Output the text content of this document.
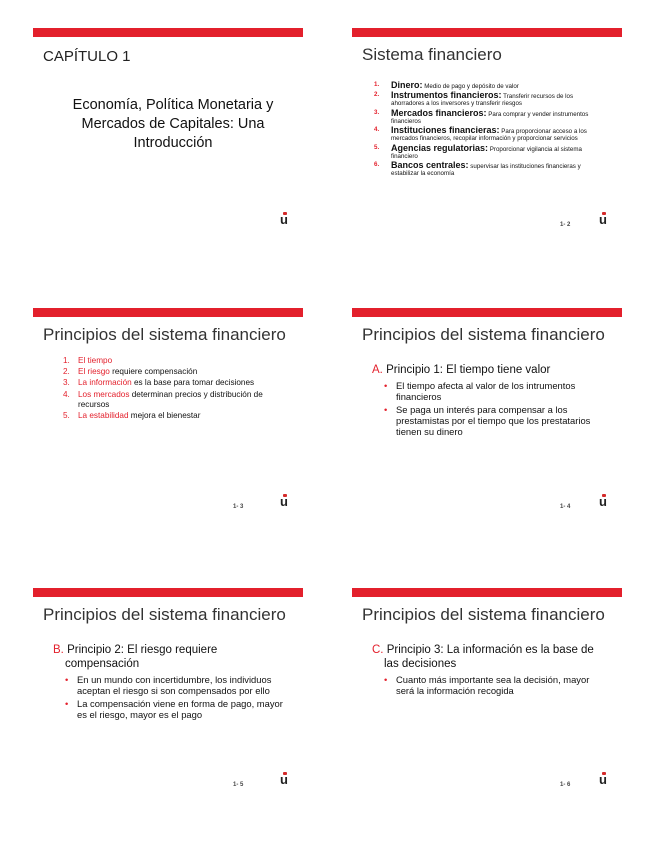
CAPÍTULO 1
Economía, Política Monetaria y Mercados de Capitales: Una Introducción
u
Sistema financiero
1. Dinero: Medio de pago y depósito de valor
2. Instrumentos financieros: Transferir recursos de los ahorradores a los inversores y transferir riesgos
3. Mercados financieros: Para comprar y vender instrumentos financieros
4. Instituciones financieras: Para proporcionar acceso a los mercados financieros, recopilar información y proporcionar servicios
5. Agencias regulatorias: Proporcionar vigilancia al sistema financiero
6. Bancos centrales: supervisar las instituciones financieras y estabilizar la economía
1- 2 u
Principios del sistema financiero
1. El tiempo
2. El riesgo requiere compensación
3. La información es la base para tomar decisiones
4. Los mercados determinan precios y distribución de recursos
5. La estabilidad mejora el bienestar
1- 3	u
Principios del sistema financiero
A. Principio 1: El tiempo tiene valor
• El tiempo afecta al valor de los intrumentos financieros
• Se paga un interés para compensar a los prestamistas por el tiempo que los prestatarios tienen su dinero
1- 4 u
Principios del sistema financiero
B. Principio 2: El riesgo requiere compensación
• En un mundo con incertidumbre, los individuos aceptan el riesgo si son compensados por ello
• La compensación viene en forma de pago, mayor es el riesgo, mayor es el pago
1- 5	u
Principios del sistema financiero
C. Principio 3: La información es la base de las decisiones
• Cuanto más importante sea la decisión, mayor será la información recogida
1- 6 u
